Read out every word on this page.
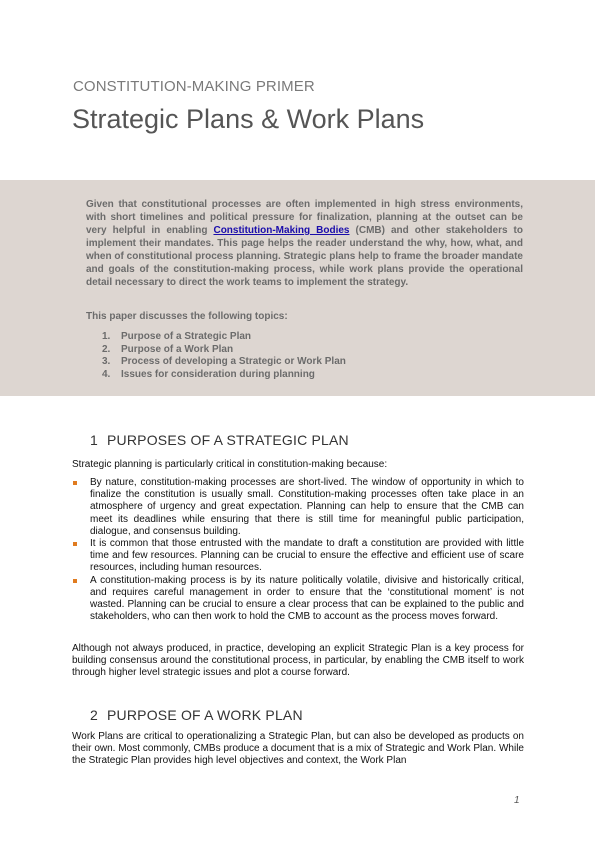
CONSTITUTION-MAKING PRIMER
Strategic Plans & Work Plans

Given that constitutional processes are often implemented in high stress environments, with short timelines and political pressure for finalization, planning at the outset can be very helpful in enabling Constitution-Making Bodies (CMB) and other stakeholders to implement their mandates. This page helps the reader understand the why, how, what, and when of constitutional process planning. Strategic plans help to frame the broader mandate and goals of the constitution-making process, while work plans provide the operational detail necessary to direct the work teams to implement the strategy.

This paper discusses the following topics:

1. Purpose of a Strategic Plan
2. Purpose of a Work Plan
3. Process of developing a Strategic or Work Plan
4. Issues for consideration during planning
1 PURPOSES OF A STRATEGIC PLAN

Strategic planning is particularly critical in constitution-making because:

By nature, constitution-making processes are short-lived. The window of opportunity in which to finalize the constitution is usually small. Constitution-making processes often take place in an atmosphere of urgency and great expectation. Planning can help to ensure that the CMB can meet its deadlines while ensuring that there is still time for meaningful public participation, dialogue, and consensus building.
It is common that those entrusted with the mandate to draft a constitution are provided with little time and few resources. Planning can be crucial to ensure the effective and efficient use of scare resources, including human resources.
A constitution-making process is by its nature politically volatile, divisive and historically critical, and requires careful management in order to ensure that the ‘constitutional moment’ is not wasted. Planning can be crucial to ensure a clear process that can be explained to the public and stakeholders, who can then work to hold the CMB to account as the process moves forward.

Although not always produced, in practice, developing an explicit Strategic Plan is a key process for building consensus around the constitutional process, in particular, by enabling the CMB itself to work through higher level strategic issues and plot a course forward.

2 PURPOSE OF A WORK PLAN

Work Plans are critical to operationalizing a Strategic Plan, but can also be developed as products on their own. Most commonly, CMBs produce a document that is a mix of Strategic and Work Plan. While the Strategic Plan provides high level objectives and context, the Work Plan

1
